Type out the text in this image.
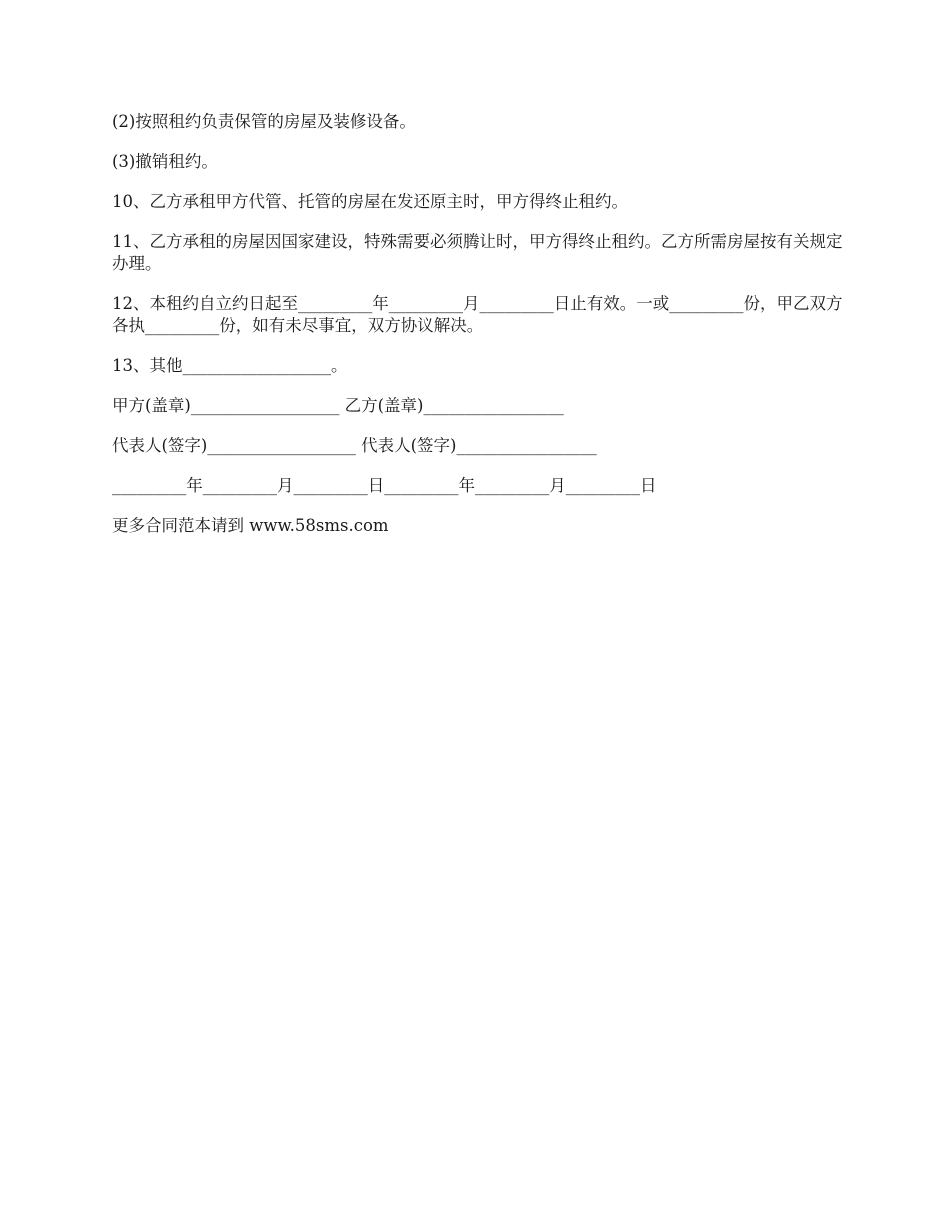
(2)按照租约负责保管的房屋及装修设备。

(3)撤销租约。

10、乙方承租甲方代管、托管的房屋在发还原主时，甲方得终止租约。

11、乙方承租的房屋因国家建设，特殊需要必须腾让时，甲方得终止租约。乙方所需房屋按有关规定办理。

12、本租约自立约日起至_________年_________月_________日止有效。一或_________份，甲乙双方各执_________份，如有未尽事宜，双方协议解决。

13、其他__________________。

甲方(盖章)__________________ 乙方(盖章)_________________

代表人(签字)__________________ 代表人(签字)_________________

_________年_________月_________日_________年_________月_________日

更多合同范本请到 www.58sms.com
